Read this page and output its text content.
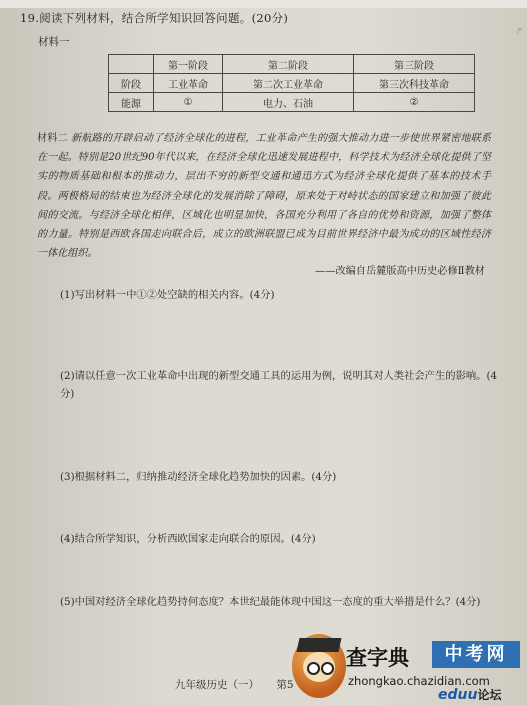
ㄕ
19.阅读下列材料，结合所学知识回答问题。(20分)
材料一
	第一阶段	第二阶段	第三阶段
阶段	工业革命	第二次工业革命	第三次科技革命
能源	①	电力、石油	②
材料二 新航路的开辟启动了经济全球化的进程，工业革命产生的强大推动力进一步使世界紧密地联系在一起。特别是20世纪90年代以来，在经济全球化迅速发展进程中，科学技术为经济全球化提供了坚实的物质基础和根本的推动力，层出不穷的新型交通和通迅方式为经济全球化提供了基本的技术手段。两极格局的结束也为经济全球化的发展消除了障碍，原来处于对峙状态的国家建立和加强了彼此间的交流。与经济全球化相伴，区域化也明显加快，各国充分利用了各自的优势和资源，加强了整体的力量。特别是西欧各国走向联合后，成立的欧洲联盟已成为目前世界经济中最为成功的区域性经济一体化组织。
——改编自岳麓版高中历史必修Ⅱ教材
(1)写出材料一中①②处空缺的相关内容。(4分)
(2)请以任意一次工业革命中出现的新型交通工具的运用为例，说明其对人类社会产生的影响。(4分)
(3)根据材料二，归纳推动经济全球化趋势加快的因素。(4分)
(4)结合所学知识，分析西欧国家走向联合的原因。(4分)
(5)中国对经济全球化趋势持何态度？本世纪最能体现中国这一态度的重大举措是什么？(4分)
九年级历史（一） 第5
查字典	中考网
zhongkao.chazidian.com
eduu论坛
